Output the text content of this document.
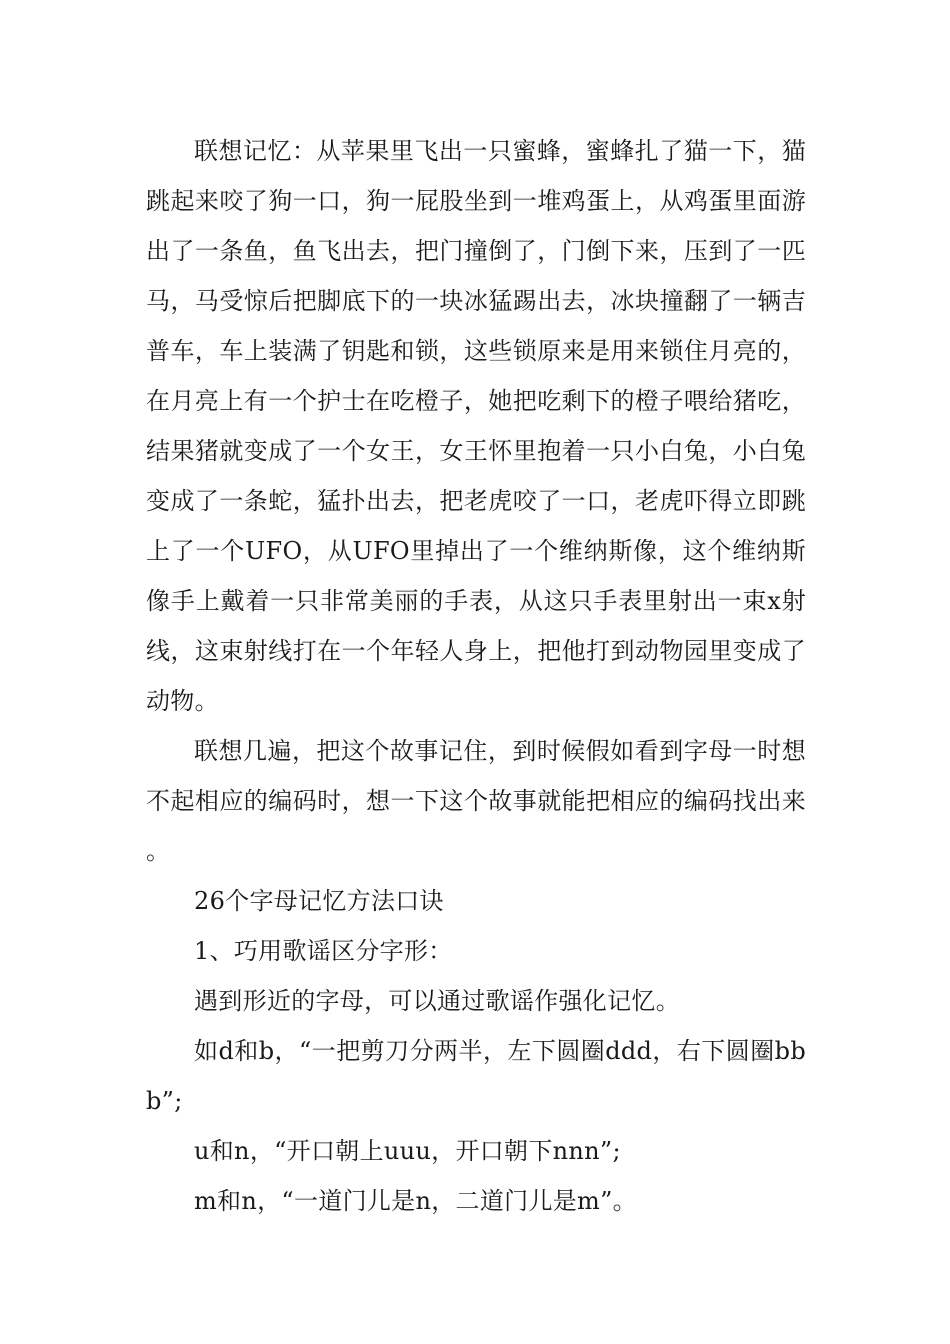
联想记忆：从苹果里飞出一只蜜蜂，蜜蜂扎了猫一下，猫跳起来咬了狗一口，狗一屁股坐到一堆鸡蛋上，从鸡蛋里面游出了一条鱼，鱼飞出去，把门撞倒了，门倒下来，压到了一匹马，马受惊后把脚底下的一块冰猛踢出去，冰块撞翻了一辆吉普车，车上装满了钥匙和锁，这些锁原来是用来锁住月亮的，在月亮上有一个护士在吃橙子，她把吃剩下的橙子喂给猪吃，结果猪就变成了一个女王，女王怀里抱着一只小白兔，小白兔变成了一条蛇，猛扑出去，把老虎咬了一口，老虎吓得立即跳上了一个UFO，从UFO里掉出了一个维纳斯像，这个维纳斯像手上戴着一只非常美丽的手表，从这只手表里射出一束x射线，这束射线打在一个年轻人身上，把他打到动物园里变成了动物。

联想几遍，把这个故事记住，到时候假如看到字母一时想不起相应的编码时，想一下这个故事就能把相应的编码找出来 。

26个字母记忆方法口诀

1、巧用歌谣区分字形：

遇到形近的字母，可以通过歌谣作强化记忆。

如d和b，“一把剪刀分两半，左下圆圈ddd，右下圆圈bbb”;

u和n，“开口朝上uuu，开口朝下nnn”;

m和n，“一道门儿是n，二道门儿是m”。
